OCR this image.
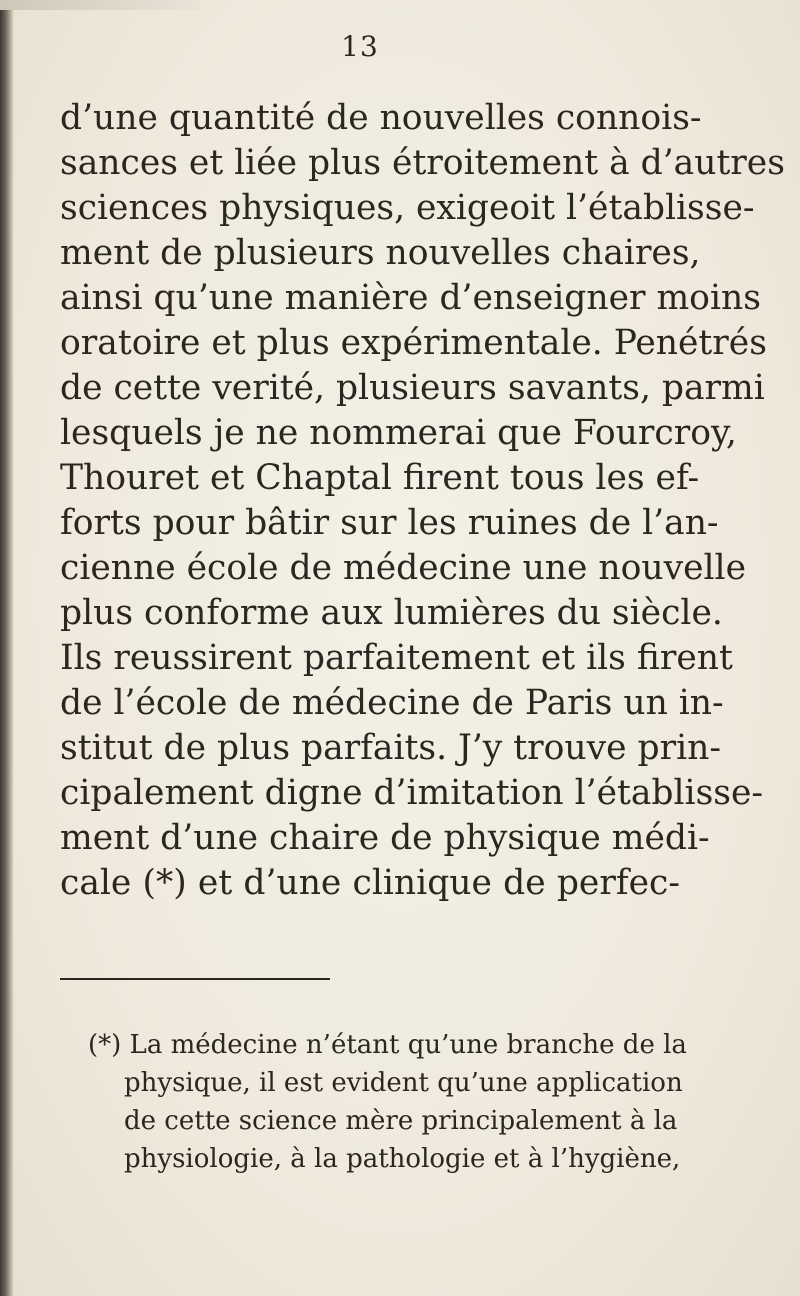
13
d’une quantité de nouvelles connois-
sances et liée plus étroitement à d’autres
sciences physiques, exigeoit l’établisse-
ment de plusieurs nouvelles chaires,
ainsi qu’une manière d’enseigner moins
oratoire et plus expérimentale. Penétrés
de cette verité, plusieurs savants, parmi
lesquels je ne nommerai que Fourcroy,
Thouret et Chaptal firent tous les ef-
forts pour bâtir sur les ruines de l’an-
cienne école de médecine une nouvelle
plus conforme aux lumières du siècle.
Ils reussirent parfaitement et ils firent
de l’école de médecine de Paris un in-
stitut de plus parfaits. J’y trouve prin-
cipalement digne d’imitation l’établisse-
ment d’une chaire de physique médi-
cale (*) et d’une clinique de perfec-
(*) La médecine n’étant qu’une branche de la
physique, il est evident qu’une application
de cette science mère principalement à la
physiologie, à la pathologie et à l’hygiène,
